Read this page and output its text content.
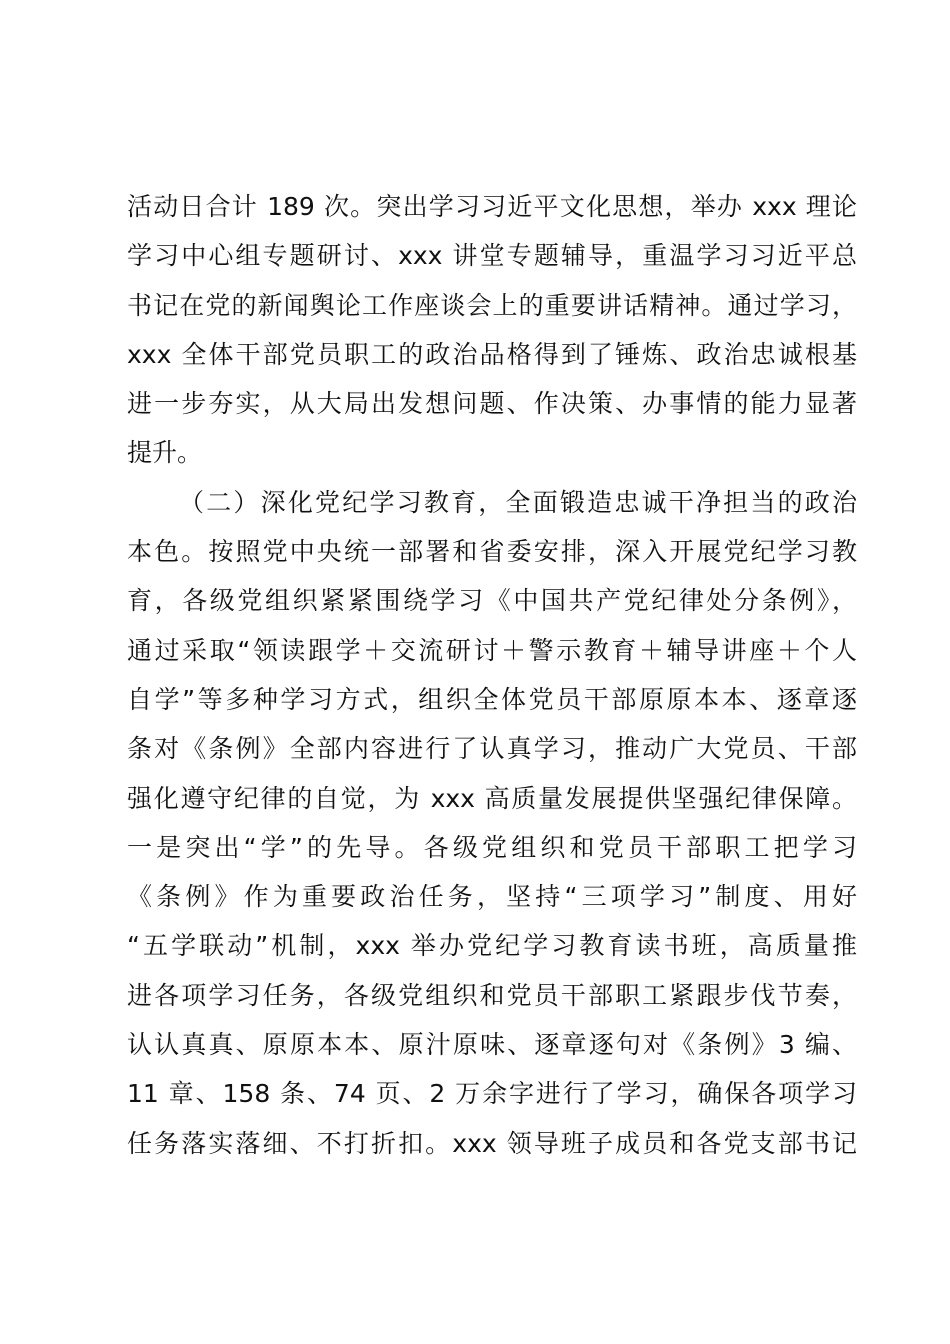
活动日合计 189 次。突出学习习近平文化思想，举办 xxx 理论
学习中心组专题研讨、xxx 讲堂专题辅导，重温学习习近平总
书记在党的新闻舆论工作座谈会上的重要讲话精神。通过学习，
xxx 全体干部党员职工的政治品格得到了锤炼、政治忠诚根基
进一步夯实，从大局出发想问题、作决策、办事情的能力显著
提升。
（二）深化党纪学习教育，全面锻造忠诚干净担当的政治
本色。按照党中央统一部署和省委安排，深入开展党纪学习教
育，各级党组织紧紧围绕学习《中国共产党纪律处分条例》，
通过采取“领读跟学＋交流研讨＋警示教育＋辅导讲座＋个人
自学”等多种学习方式，组织全体党员干部原原本本、逐章逐
条对《条例》全部内容进行了认真学习，推动广大党员、干部
强化遵守纪律的自觉，为 xxx 高质量发展提供坚强纪律保障。
一是突出“学”的先导。各级党组织和党员干部职工把学习
《条例》作为重要政治任务，坚持“三项学习”制度、用好
“五学联动”机制，xxx 举办党纪学习教育读书班，高质量推
进各项学习任务，各级党组织和党员干部职工紧跟步伐节奏，
认认真真、原原本本、原汁原味、逐章逐句对《条例》3 编、
11 章、158 条、74 页、2 万余字进行了学习，确保各项学习
任务落实落细、不打折扣。xxx 领导班子成员和各党支部书记
